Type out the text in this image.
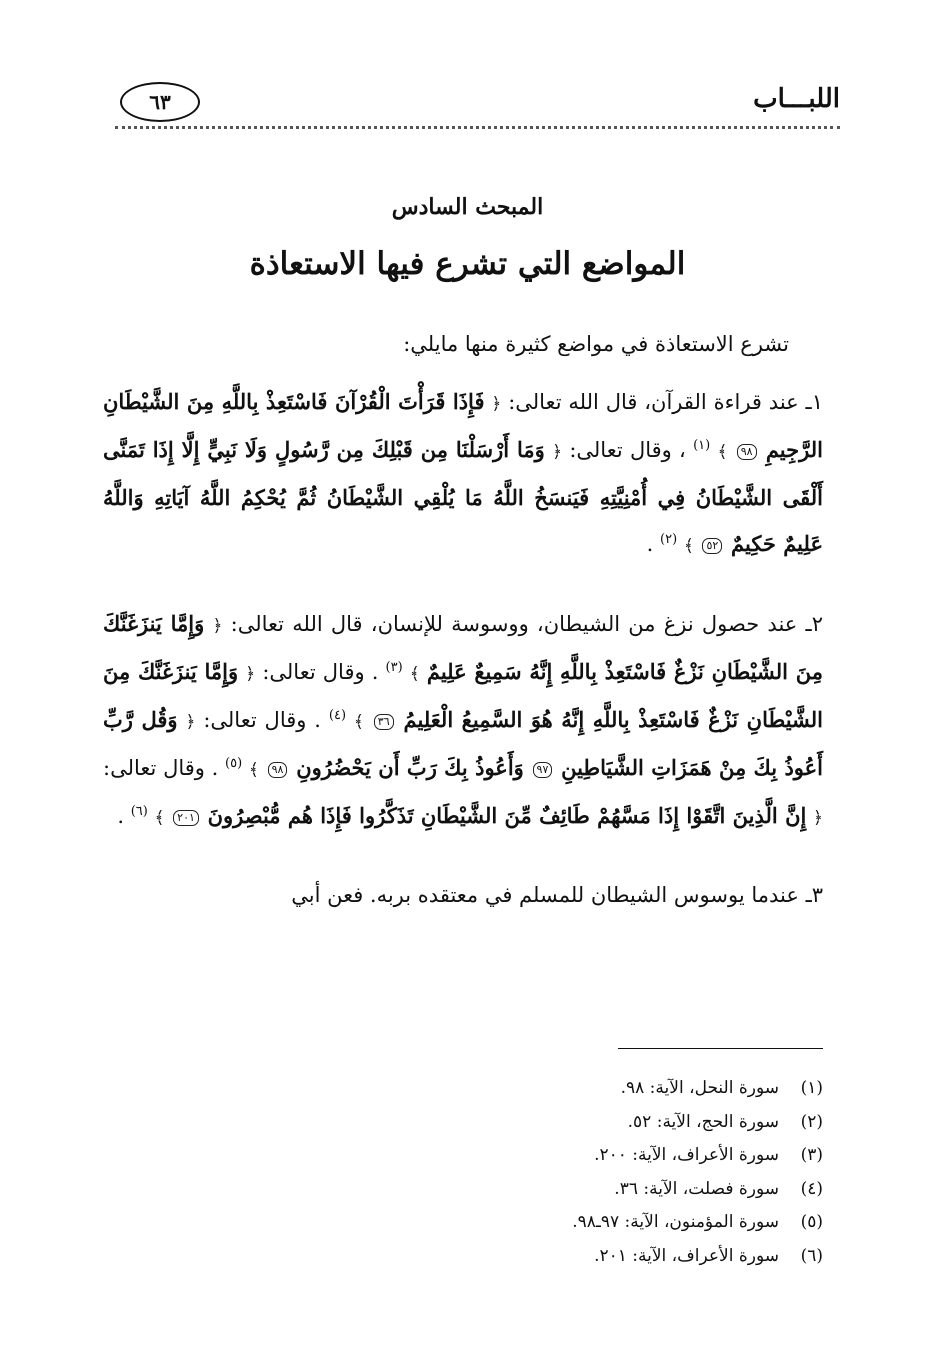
اللبـــاب
٦٣
المبحث السادس
المواضع التي تشرع فيها الاستعاذة

تشرع الاستعاذة في مواضع كثيرة منها مايلي:

١ـ عند قراءة القرآن، قال الله تعالى: ﴿ فَإِذَا قَرَأْتَ الْقُرْآنَ فَاسْتَعِذْ بِاللَّهِ مِنَ الشَّيْطَانِ الرَّجِيمِ ٩٨ ﴾ $^{(١)}$ ، وقال تعالى: ﴿ وَمَا أَرْسَلْنَا مِن قَبْلِكَ مِن رَّسُولٍ وَلَا نَبِيٍّ إِلَّا إِذَا تَمَنَّى أَلْقَى الشَّيْطَانُ فِي أُمْنِيَّتِهِ فَيَنسَخُ اللَّهُ مَا يُلْقِي الشَّيْطَانُ ثُمَّ يُحْكِمُ اللَّهُ آيَاتِهِ وَاللَّهُ عَلِيمٌ حَكِيمٌ ٥٢ ﴾ $^{(٢)}$ .

٢ـ عند حصول نزغ من الشيطان، ووسوسة للإنسان، قال الله تعالى: ﴿ وَإِمَّا يَنزَغَنَّكَ مِنَ الشَّيْطَانِ نَزْغٌ فَاسْتَعِذْ بِاللَّهِ إِنَّهُ سَمِيعٌ عَلِيمٌ ﴾ $^{(٣)}$ . وقال تعالى: ﴿ وَإِمَّا يَنزَغَنَّكَ مِنَ الشَّيْطَانِ نَزْغٌ فَاسْتَعِذْ بِاللَّهِ إِنَّهُ هُوَ السَّمِيعُ الْعَلِيمُ ٣٦ ﴾ $^{(٤)}$ . وقال تعالى: ﴿ وَقُل رَّبِّ أَعُوذُ بِكَ مِنْ هَمَزَاتِ الشَّيَاطِينِ ٩٧ وَأَعُوذُ بِكَ رَبِّ أَن يَحْضُرُونِ ٩٨ ﴾ $^{(٥)}$ . وقال تعالى: ﴿ إِنَّ الَّذِينَ اتَّقَوْا إِذَا مَسَّهُمْ طَائِفٌ مِّنَ الشَّيْطَانِ تَذَكَّرُوا فَإِذَا هُم مُّبْصِرُونَ ٢٠١ ﴾ $^{(٦)}$ .

٣ـ عندما يوسوس الشيطان للمسلم في معتقده بربه. فعن أبي

(١)سورة النحل، الآية: ٩٨.
(٢)سورة الحج، الآية: ٥٢.
(٣)سورة الأعراف، الآية: ٢٠٠.
(٤)سورة فصلت، الآية: ٣٦.
(٥)سورة المؤمنون، الآية: ٩٧ـ٩٨.
(٦)سورة الأعراف، الآية: ٢٠١.
